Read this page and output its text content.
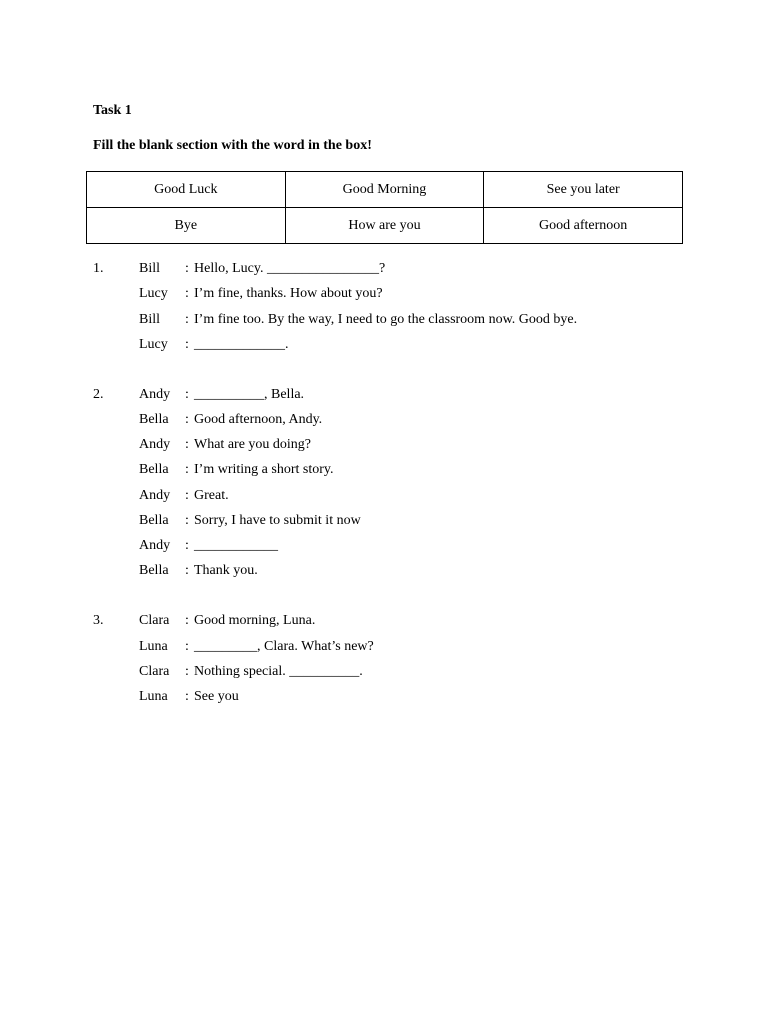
Task 1

Fill the blank section with the word in the box!

Good Luck	Good Morning	See you later
Bye	How are you	Good afternoon
1.	Bill : Hello, Lucy. ________________?
Lucy : I’m fine, thanks. How about you?
Bill : I’m fine too. By the way, I need to go the classroom now. Good bye.
Lucy : _____________.
2.	Andy : __________, Bella.
Bella : Good afternoon, Andy.
Andy : What are you doing?
Bella : I’m writing a short story.
Andy : Great.
Bella : Sorry, I have to submit it now
Andy : ____________
Bella : Thank you.
3.	Clara : Good morning, Luna.
Luna : _________, Clara. What’s new?
Clara : Nothing special. __________.
Luna : See you
